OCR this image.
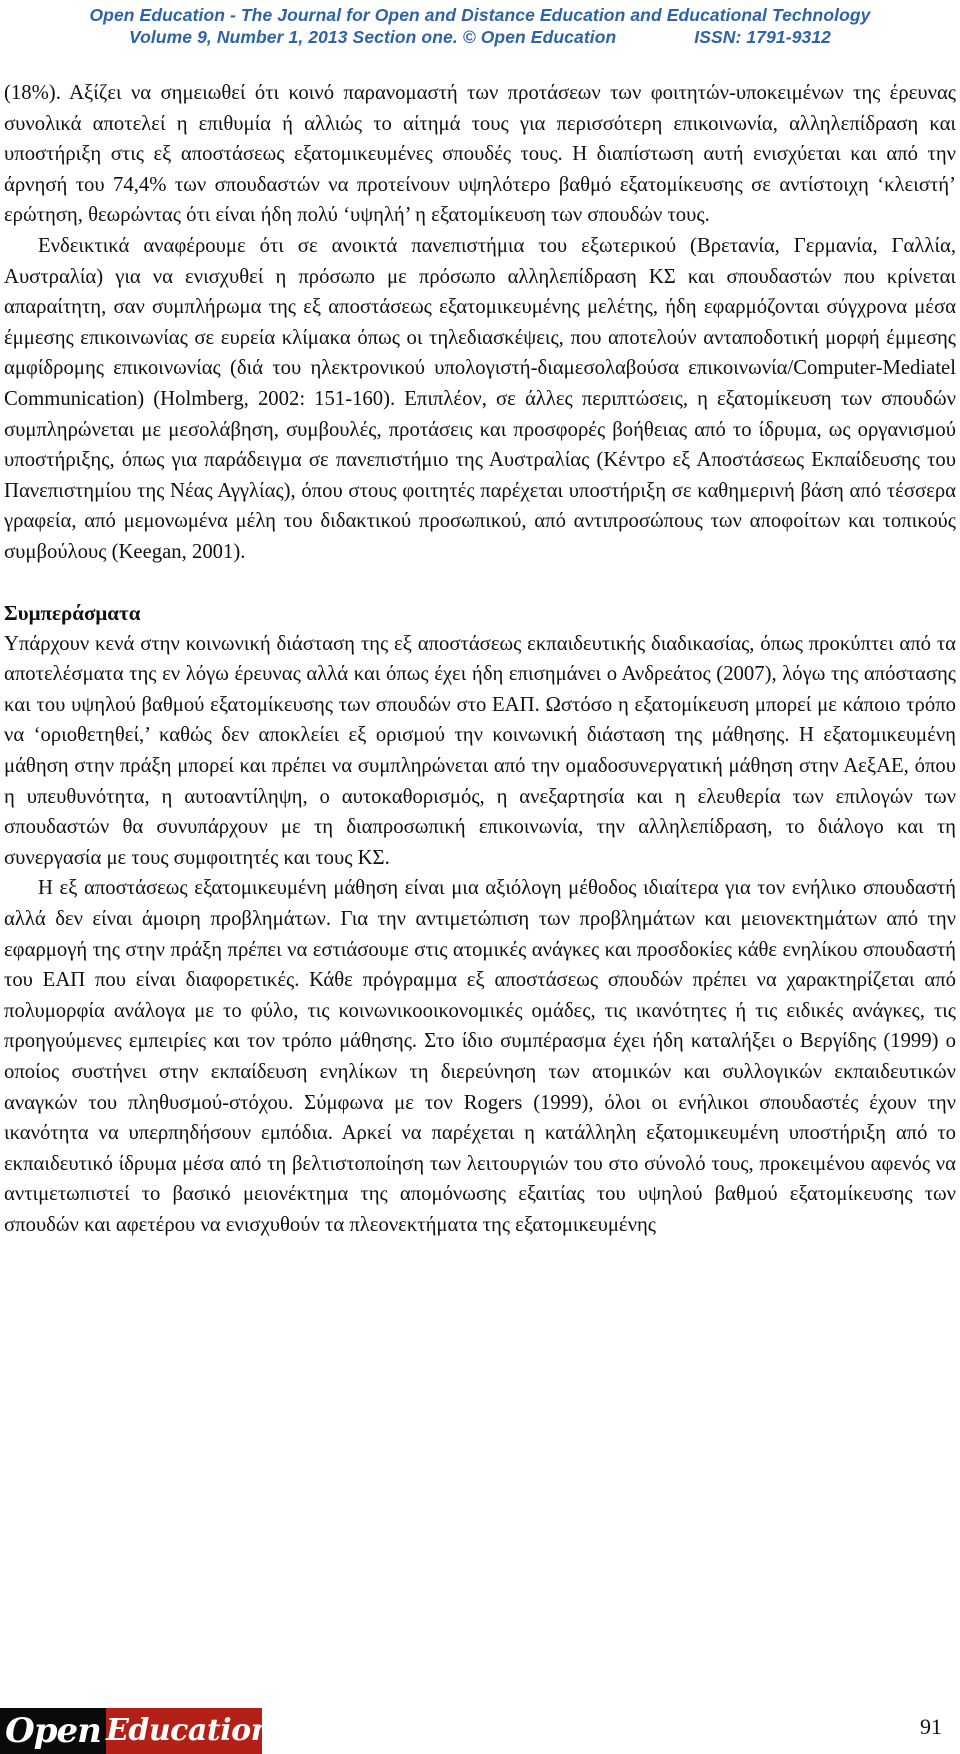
Open Education - The Journal for Open and Distance Education and Educational Technology
Volume 9, Number 1, 2013 Section one. © Open Education	ISSN: 1791-9312

(18%). Αξίζει να σημειωθεί ότι κοινό παρανομαστή των προτάσεων των φοιτητών-υποκειμένων της έρευνας συνολικά αποτελεί η επιθυμία ή αλλιώς το αίτημά τους για περισσότερη επικοινωνία, αλληλεπίδραση και υποστήριξη στις εξ αποστάσεως εξατομικευμένες σπουδές τους. Η διαπίστωση αυτή ενισχύεται και από την άρνησή του 74,4% των σπουδαστών να προτείνουν υψηλότερο βαθμό εξατομίκευσης σε αντίστοιχη ‘κλειστή’ ερώτηση, θεωρώντας ότι είναι ήδη πολύ ‘υψηλή’ η εξατομίκευση των σπουδών τους.

Ενδεικτικά αναφέρουμε ότι σε ανοικτά πανεπιστήμια του εξωτερικού (Βρετανία, Γερμανία, Γαλλία, Αυστραλία) για να ενισχυθεί η πρόσωπο με πρόσωπο αλληλεπίδραση ΚΣ και σπουδαστών που κρίνεται απαραίτητη, σαν συμπλήρωμα της εξ αποστάσεως εξατομικευμένης μελέτης, ήδη εφαρμόζονται σύγχρονα μέσα έμμεσης επικοινωνίας σε ευρεία κλίμακα όπως οι τηλεδιασκέψεις, που αποτελούν ανταποδοτική μορφή έμμεσης αμφίδρομης επικοινωνίας (διά του ηλεκτρονικού υπολογιστή-διαμεσολαβούσα επικοινωνία/Computer-Mediatel Communication) (Holmberg, 2002: 151-160). Επιπλέον, σε άλλες περιπτώσεις, η εξατομίκευση των σπουδών συμπληρώνεται με μεσολάβηση, συμβουλές, προτάσεις και προσφορές βοήθειας από το ίδρυμα, ως οργανισμού υποστήριξης, όπως για παράδειγμα σε πανεπιστήμιο της Αυστραλίας (Κέντρο εξ Αποστάσεως Εκπαίδευσης του Πανεπιστημίου της Νέας Αγγλίας), όπου στους φοιτητές παρέχεται υποστήριξη σε καθημερινή βάση από τέσσερα γραφεία, από μεμονωμένα μέλη του διδακτικού προσωπικού, από αντιπροσώπους των αποφοίτων και τοπικούς συμβούλους (Keegan, 2001).

Συμπεράσματα

Υπάρχουν κενά στην κοινωνική διάσταση της εξ αποστάσεως εκπαιδευτικής διαδικασίας, όπως προκύπτει από τα αποτελέσματα της εν λόγω έρευνας αλλά και όπως έχει ήδη επισημάνει ο Ανδρεάτος (2007), λόγω της απόστασης και του υψηλού βαθμού εξατομίκευσης των σπουδών στο ΕΑΠ. Ωστόσο η εξατομίκευση μπορεί με κάποιο τρόπο να ‘οριοθετηθεί,’ καθώς δεν αποκλείει εξ ορισμού την κοινωνική διάσταση της μάθησης. Η εξατομικευμένη μάθηση στην πράξη μπορεί και πρέπει να συμπληρώνεται από την ομαδοσυνεργατική μάθηση στην ΑεξΑΕ, όπου η υπευθυνότητα, η αυτοαντίληψη, ο αυτοκαθορισμός, η ανεξαρτησία και η ελευθερία των επιλογών των σπουδαστών θα συνυπάρχουν με τη διαπροσωπική επικοινωνία, την αλληλεπίδραση, το διάλογο και τη συνεργασία με τους συμφοιτητές και τους ΚΣ.

Η εξ αποστάσεως εξατομικευμένη μάθηση είναι μια αξιόλογη μέθοδος ιδιαίτερα για τον ενήλικο σπουδαστή αλλά δεν είναι άμοιρη προβλημάτων. Για την αντιμετώπιση των προβλημάτων και μειονεκτημάτων από την εφαρμογή της στην πράξη πρέπει να εστιάσουμε στις ατομικές ανάγκες και προσδοκίες κάθε ενηλίκου σπουδαστή του ΕΑΠ που είναι διαφορετικές. Κάθε πρόγραμμα εξ αποστάσεως σπουδών πρέπει να χαρακτηρίζεται από πολυμορφία ανάλογα με το φύλο, τις κοινωνικοοικονομικές ομάδες, τις ικανότητες ή τις ειδικές ανάγκες, τις προηγούμενες εμπειρίες και τον τρόπο μάθησης. Στο ίδιο συμπέρασμα έχει ήδη καταλήξει ο Βεργίδης (1999) ο οποίος συστήνει στην εκπαίδευση ενηλίκων τη διερεύνηση των ατομικών και συλλογικών εκπαιδευτικών αναγκών του πληθυσμού-στόχου. Σύμφωνα με τον Rogers (1999), όλοι οι ενήλικοι σπουδαστές έχουν την ικανότητα να υπερπηδήσουν εμπόδια. Αρκεί να παρέχεται η κατάλληλη εξατομικευμένη υποστήριξη από το εκπαιδευτικό ίδρυμα μέσα από τη βελτιστοποίηση των λειτουργιών του στο σύνολό τους, προκειμένου αφενός να αντιμετωπιστεί το βασικό μειονέκτημα της απομόνωσης εξαιτίας του υψηλού βαθμού εξατομίκευσης των σπουδών και αφετέρου να ενισχυθούν τα πλεονεκτήματα της εξατομικευμένης

Open Education	91
